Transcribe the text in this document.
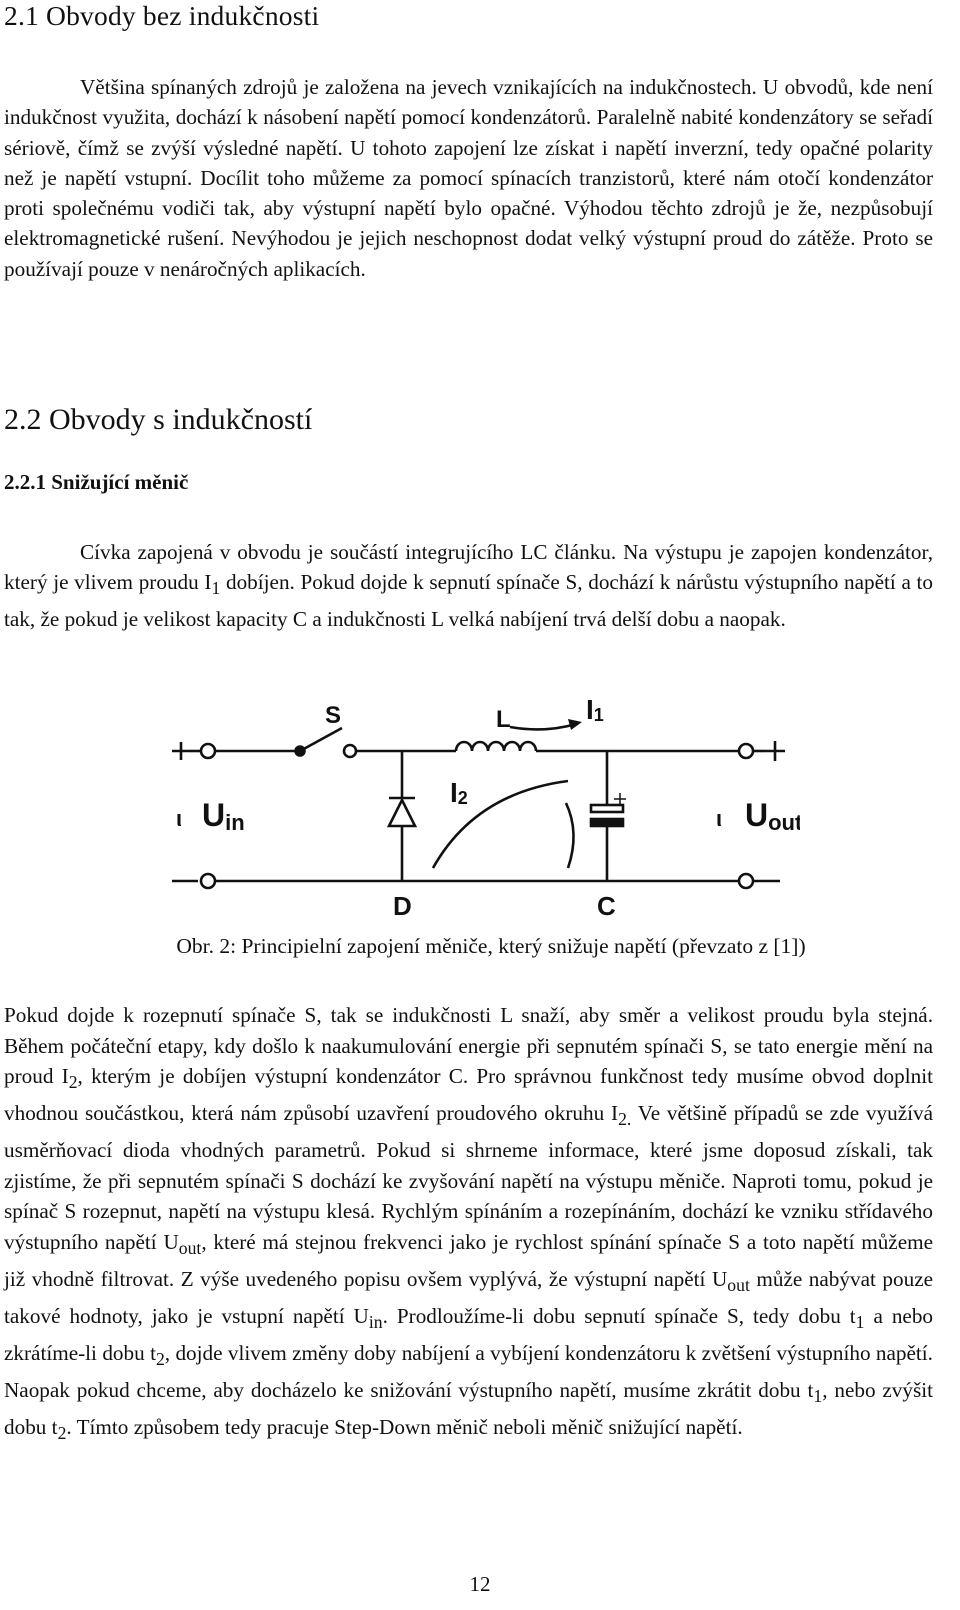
2.1 Obvody bez indukčnosti

Většina spínaných zdrojů je založena na jevech vznikajících na indukčnostech. U obvodů, kde není indukčnost využita, dochází k násobení napětí pomocí kondenzátorů. Paralelně nabité kondenzátory se seřadí sériově, čímž se zvýší výsledné napětí. U tohoto zapojení lze získat i napětí inverzní, tedy opačné polarity než je napětí vstupní. Docílit toho můžeme za pomocí spínacích tranzistorů, které nám otočí kondenzátor proti společnému vodiči tak, aby výstupní napětí bylo opačné. Výhodou těchto zdrojů je že, nezpůsobují elektromagnetické rušení. Nevýhodou je jejich neschopnost dodat velký výstupní proud do zátěže. Proto se používají pouze v nenáročných aplikacích.

2.2 Obvody s indukčností
2.2.1 Snižující měnič

Cívka zapojená v obvodu je součástí integrujícího LC článku. Na výstupu je zapojen kondenzátor, který je vlivem proudu $I_1$ dobíjen. Pokud dojde k sepnutí spínače S, dochází k nárůstu výstupního napětí a to tak, že pokud je velikost kapacity C a indukčnosti L velká nabíjení trvá delší dobu a naopak.

S	L	I1
I2
ι Uin	ι Uout
D	C
Obr. 2: Principielní zapojení měniče, který snižuje napětí (převzato z [1])

Pokud dojde k rozepnutí spínače S, tak se indukčnosti L snaží, aby směr a velikost proudu byla stejná. Během počáteční etapy, kdy došlo k naakumulování energie při sepnutém spínači S, se tato energie mění na proud $I_2$, kterým je dobíjen výstupní kondenzátor C. Pro správnou funkčnost tedy musíme obvod doplnit vhodnou součástkou, která nám způsobí uzavření proudového okruhu $I_{2.}$ Ve většině případů se zde využívá usměrňovací dioda vhodných parametrů. Pokud si shrneme informace, které jsme doposud získali, tak zjistíme, že při sepnutém spínači S dochází ke zvyšování napětí na výstupu měniče. Naproti tomu, pokud je spínač S rozepnut, napětí na výstupu klesá. Rychlým spínáním a rozepínáním, dochází ke vzniku střídavého výstupního napětí $U_{out}$, které má stejnou frekvenci jako je rychlost spínání spínače S a toto napětí můžeme již vhodně filtrovat. Z výše uvedeného popisu ovšem vyplývá, že výstupní napětí $U_{out}$ může nabývat pouze takové hodnoty, jako je vstupní napětí $U_{in}$. Prodloužíme-li dobu sepnutí spínače S, tedy dobu $t_1$ a nebo zkrátíme-li dobu $t_2$, dojde vlivem změny doby nabíjení a vybíjení kondenzátoru k zvětšení výstupního napětí. Naopak pokud chceme, aby docházelo ke snižování výstupního napětí, musíme zkrátit dobu $t_1$, nebo zvýšit dobu $t_2$. Tímto způsobem tedy pracuje Step-Down měnič neboli měnič snižující napětí.

12
